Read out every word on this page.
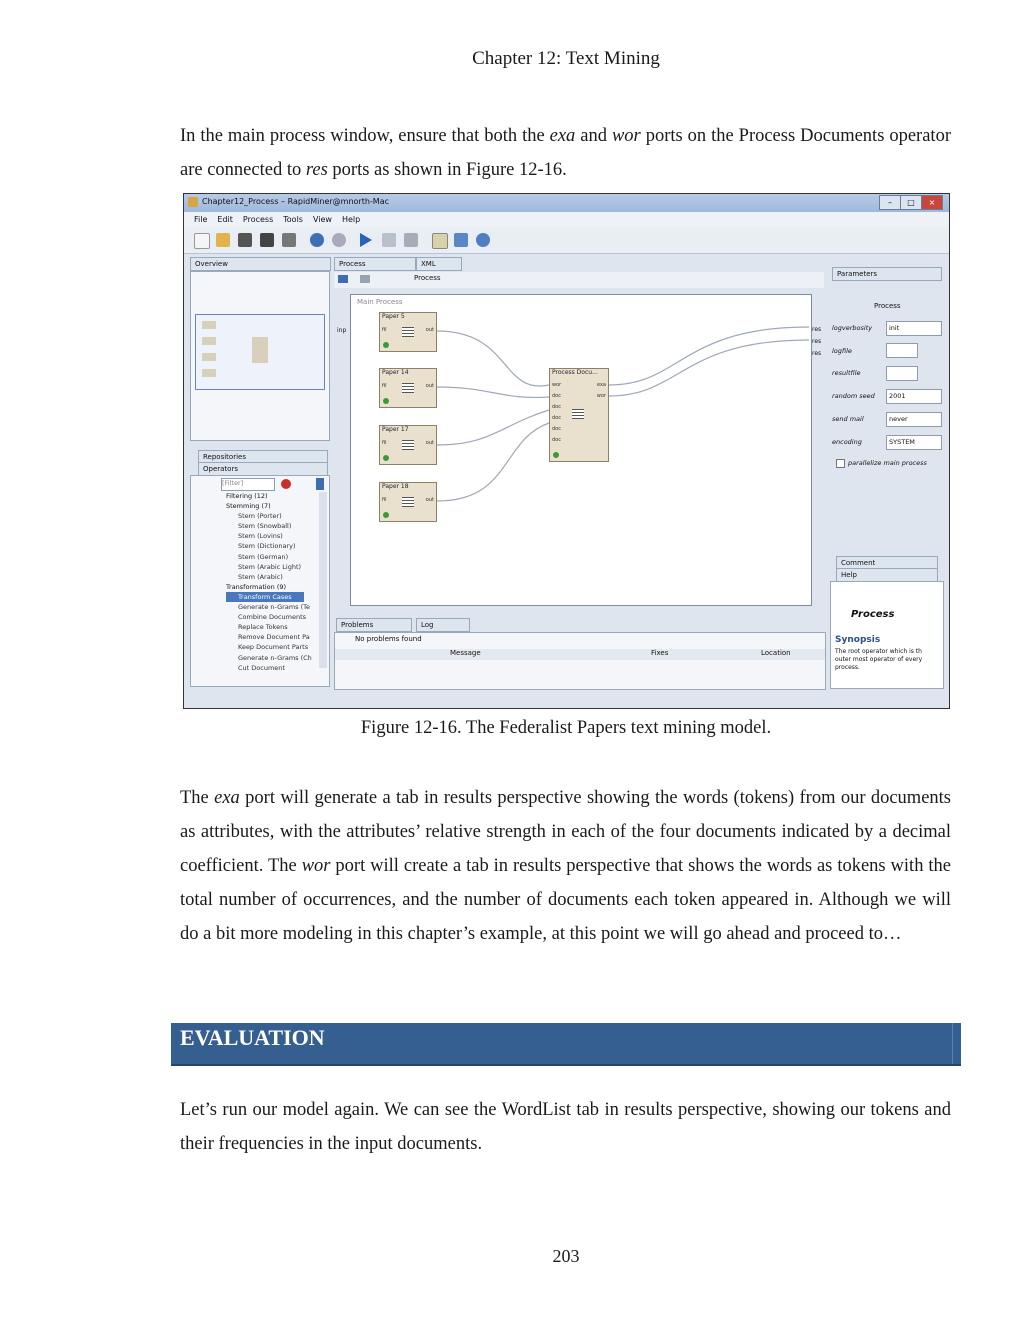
Chapter 12: Text Mining
In the main process window, ensure that both the exa and wor ports on the Process Documents operator are connected to res ports as shown in Figure 12-16.
Chapter12_Process – RapidMiner@mnorth-Mac	–	□	×
File Edit Process Tools View Help
Overview
Repositories
Operators
[Filter]
Filtering (12)
Stemming (7)
Stem (Porter)
Stem (Snowball)
Stem (Lovins)
Stem (Dictionary)
Stem (German)
Stem (Arabic Light)
Stem (Arabic)
Transformation (9)
Transform Cases
Generate n-Grams (Te
Combine Documents
Replace Tokens
Remove Document Pa
Keep Document Parts
Generate n-Grams (Ch
Cut Document
Process	XML
Process
Main Process
Paper 5
fil	out
Paper 14
fil	out
Paper 17
fil	out
Paper 18
fil	out
Process Docu...
wor
doc
doc
doc
doc
doc
exa
wor
inp	res
res
res
Problems	Log
No problems found
Message	Fixes	Location
Parameters
Process
logverbosity	init
logfile
resultfile
random seed	2001
send mail	never
encoding	SYSTEM
parallelize main process
Comment
Help
Process
Synopsis
The root operator which is th outer most operator of every process.
Figure 12-16. The Federalist Papers text mining model.
The exa port will generate a tab in results perspective showing the words (tokens) from our documents as attributes, with the attributes’ relative strength in each of the four documents indicated by a decimal coefficient. The wor port will create a tab in results perspective that shows the words as tokens with the total number of occurrences, and the number of documents each token appeared in. Although we will do a bit more modeling in this chapter’s example, at this point we will go ahead and proceed to…
EVALUATION
Let’s run our model again. We can see the WordList tab in results perspective, showing our tokens and their frequencies in the input documents.
203
